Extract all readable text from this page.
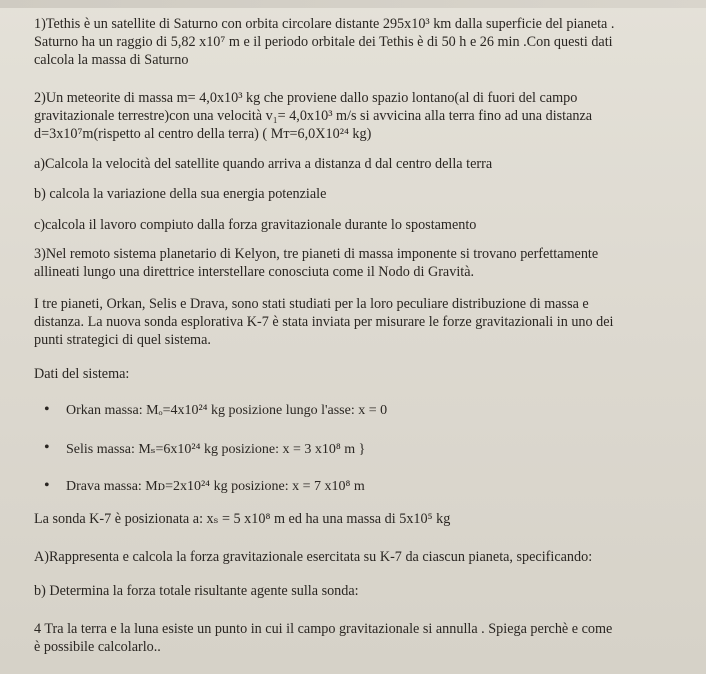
1)Tethis è un satellite di Saturno con orbita circolare distante 295x10³ km dalla superficie del pianeta .
Saturno ha un raggio di 5,82 x10⁷ m e il periodo orbitale dei Tethis è di 50 h e 26 min .Con questi dati
calcola la massa di Saturno
2)Un meteorite di massa m= 4,0x10³ kg che proviene dallo spazio lontano(al di fuori del campo
gravitazionale terrestre)con una velocità v₁= 4,0x10³ m/s si avvicina alla terra fino ad una distanza
d=3x10⁷m(rispetto al centro della terra) ( Mᴛ=6,0X10²⁴ kg)
a)Calcola la velocità del satellite quando arriva a distanza d dal centro della terra
b) calcola la variazione della sua energia potenziale
c)calcola il lavoro compiuto dalla forza gravitazionale durante lo spostamento
3)Nel remoto sistema planetario di Kelyon, tre pianeti di massa imponente si trovano perfettamente
allineati lungo una direttrice interstellare conosciuta come il Nodo di Gravità.
I tre pianeti, Orkan, Selis e Drava, sono stati studiati per la loro peculiare distribuzione di massa e
distanza. La nuova sonda esplorativa K-7 è stata inviata per misurare le forze gravitazionali in uno dei
punti strategici di quel sistema.
Dati del sistema:
• Orkan massa: Mₒ=4x10²⁴ kg posizione lungo l'asse: x = 0
• Selis massa: Mₛ=6x10²⁴ kg posizione: x = 3 x10⁸ m }
• Drava massa: Mᴅ=2x10²⁴ kg posizione: x = 7 x10⁸ m
La sonda K-7 è posizionata a: xₛ = 5 x10⁸ m ed ha una massa di 5x10⁵ kg
A)Rappresenta e calcola la forza gravitazionale esercitata su K-7 da ciascun pianeta, specificando:
b) Determina la forza totale risultante agente sulla sonda:
4 Tra la terra e la luna esiste un punto in cui il campo gravitazionale si annulla . Spiega perchè e come
è possibile calcolarlo..
